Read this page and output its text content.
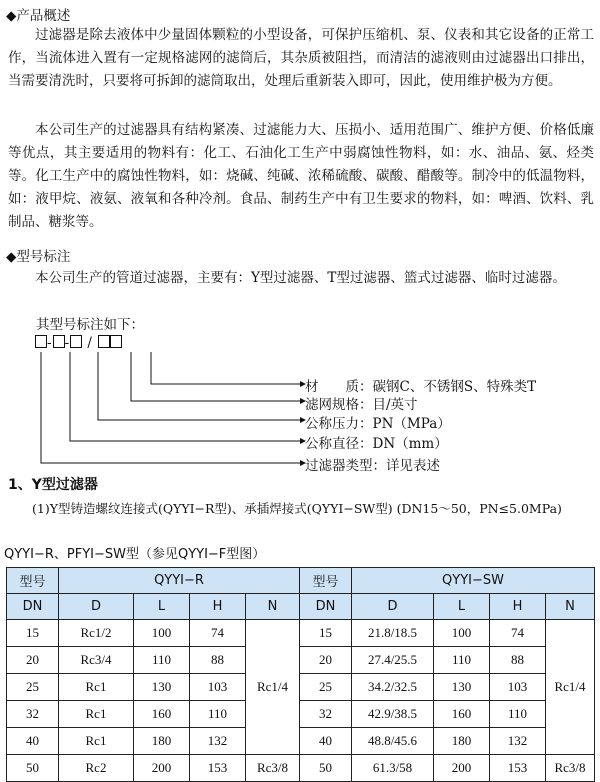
◆产品概述

过滤器是除去液体中少量固体颗粒的小型设备，可保护压缩机、泵、仪表和其它设备的正常工作，当流体进入置有一定规格滤网的滤筒后，其杂质被阻挡，而清洁的滤液则由过滤器出口排出，当需要清洗时，只要将可拆卸的滤筒取出，处理后重新装入即可，因此，使用维护极为方便。

本公司生产的过滤器具有结构紧凑、过滤能力大、压损小、适用范围广、维护方便、价格低廉等优点，其主要适用的物料有：化工、石油化工生产中弱腐蚀性物料，如：水、油品、氨、烃类等。化工生产中的腐蚀性物料，如：烧碱、纯碱、浓稀硫酸、碳酸、醋酸等。制冷中的低温物料，如：液甲烷、液氨、液氧和各种冷剂。食品、制药生产中有卫生要求的物料，如：啤酒、饮料、乳制品、糖浆等。

◆型号标注

本公司生产的管道过滤器，主要有：Y型过滤器、T型过滤器、篮式过滤器、临时过滤器。

其型号标注如下：
- - /
材　　质：碳钢C、不锈钢S、特殊类T
滤网规格：目/英寸
公称压力：PN（MPa）
公称直径：DN（mm）
过滤器类型：详见表述
1、Y型过滤器
(1)Y型铸造螺纹连接式(QYYI−R型)、承插焊接式(QYYI−SW型) (DN15～50，PN≤5.0MPa)
QYYI−R、PFYI−SW型（参见QYYI−F型图）
型号	QYYI−R				型号	QYYI−SW			
DN	D	L	H	N	DN	D	L	H	N
15	Rc1/2	100	74	Rc1/4	15	21.8/18.5	100	74	Rc1/4
20	Rc3/4	110	88		20	27.4/25.5	110	88	
25	Rc1	130	103		25	34.2/32.5	130	103	
32	Rc1	160	110		32	42.9/38.5	160	110	
40	Rc1	180	132		40	48.8/45.6	180	132	
50	Rc2	200	153	Rc3/8	50	61.3/58	200	153	Rc3/8
